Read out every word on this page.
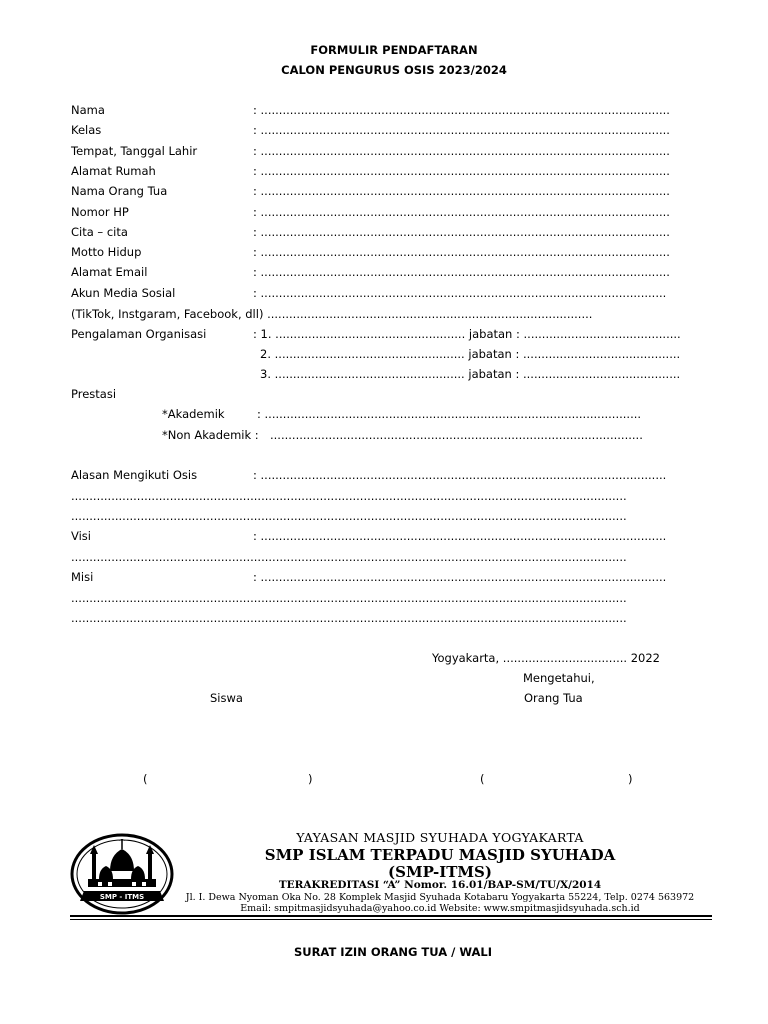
FORMULIR PENDAFTARAN
CALON PENGURUS OSIS 2023/2024
Nama	: ................................................................................................................
Kelas	: ................................................................................................................
Tempat, Tanggal Lahir	: ................................................................................................................
Alamat Rumah	: ................................................................................................................
Nama Orang Tua	: ................................................................................................................
Nomor HP	: ................................................................................................................
Cita – cita	: ................................................................................................................
Motto Hidup	: ................................................................................................................
Alamat Email	: ................................................................................................................
Akun Media Sosial	: ...............................................................................................................
(TikTok, Instgaram, Facebook, dll) .........................................................................................
Pengalaman Organisasi	: 1. .................................................... jabatan : ...........................................
2. .................................................... jabatan : ...........................................
3. .................................................... jabatan : ...........................................
Prestasi
*Akademik	: .......................................................................................................
*Non Akademik : ......................................................................................................
Alasan Mengikuti Osis	: ...............................................................................................................
........................................................................................................................................................
........................................................................................................................................................
Visi	: ...............................................................................................................
........................................................................................................................................................
Misi	: ...............................................................................................................
........................................................................................................................................................
........................................................................................................................................................
Yogyakarta, .................................. 2022
Mengetahui,
Siswa	Orang Tua
(	)	(	)
SMP - ITMS
YAYASAN MASJID SYUHADA YOGYAKARTA
SMP ISLAM TERPADU MASJID SYUHADA
(SMP-ITMS)
TERAKREDITASI “A” Nomor. 16.01/BAP-SM/TU/X/2014
Jl. I. Dewa Nyoman Oka No. 28 Komplek Masjid Syuhada Kotabaru Yogyakarta 55224, Telp. 0274 563972
Email: smpitmasjidsyuhada@yahoo.co.id Website: www.smpitmasjidsyuhada.sch.id
SURAT IZIN ORANG TUA / WALI
